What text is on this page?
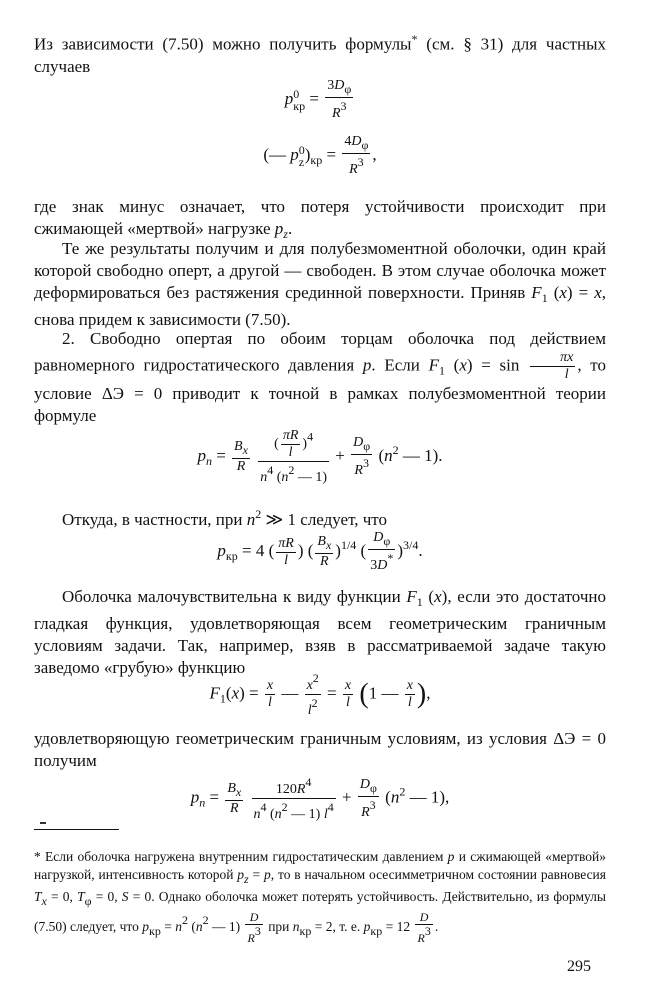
Из зависимости (7.50) можно получить формулы* (см. § 31) для частных случаев

p 0
кр = $\frac{3D\varphi}{R3}$
(— p 0
z )$_{кр} = \frac{4D\varphi}{R3}$ ,

где знак минус означает, что потеря устойчивости происходит при сжимающей «мертвой» нагрузке $p_z$.

Те же результаты получим и для полубезмоментной оболочки, один край которой свободно оперт, а другой — свободен. В этом случае оболочка может деформироваться без растяжения срединной поверхности. Приняв $F_1$ (x) = x, снова придем к зависимости (7.50).

2. Свободно опертая по обоим торцам оболочка под действием равномерного гидростатического давления p. Если $F_1$ $(x) = \sin \frac{\pi x}{l}$ , то условие ΔЭ = 0 приводит к точной в рамках полубезмоментной теории формуле

$p_n = \frac{Bx}{R}$
$\frac{( \frac{\pi R}{l} )4}{n4 (n2 — 1)} + \frac{D\varphi}{R3} (n^2$ — 1).

Откуда, в частности, при $n^2$ ≫ 1 следует, что

$p_{кр} = 4$ ( $\frac{\pi R}{l}$ ) ( $\frac{Bx}{R} )^{1/4}$ ( $\frac{D\varphi}{3D*} )^{3/4}$.

Оболочка малочувствительна к виду функции $F_1$ (x), если это достаточно гладкая функция, удовлетворяющая всем геометрическим граничным условиям задачи. Так, например, взяв в рассматриваемой задаче такую заведомо «грубую» функцию

$F_1(x) = \frac{x}{l}$ — $\frac{x2}{l2} = \frac{x}{l} (1$ — $\frac{x}{l}$ ),

удовлетворяющую геометрическим граничным условиям, из условия ΔЭ = 0 получим

$p_n = \frac{Bx}{R}$
$\frac{120R4}{n4 (n2 — 1) l4} + \frac{D\varphi}{R3} (n^2$ — 1),

* Если оболочка нагружена внутренним гидростатическим давлением p и сжимающей «мертвой» нагрузкой, интенсивность которой pz = p, то в начальном осесимметричном состоянии равновесия Tx = 0, Tφ = 0, S = 0. Однако оболочка может потерять устойчивость. Действительно, из формулы (7.50) следует, что pкр = n2 (n2 — $1) \frac{D}{R3}$ при nкр = 2, т. е. pкр = $12 \frac{D}{R3}$ .

295
